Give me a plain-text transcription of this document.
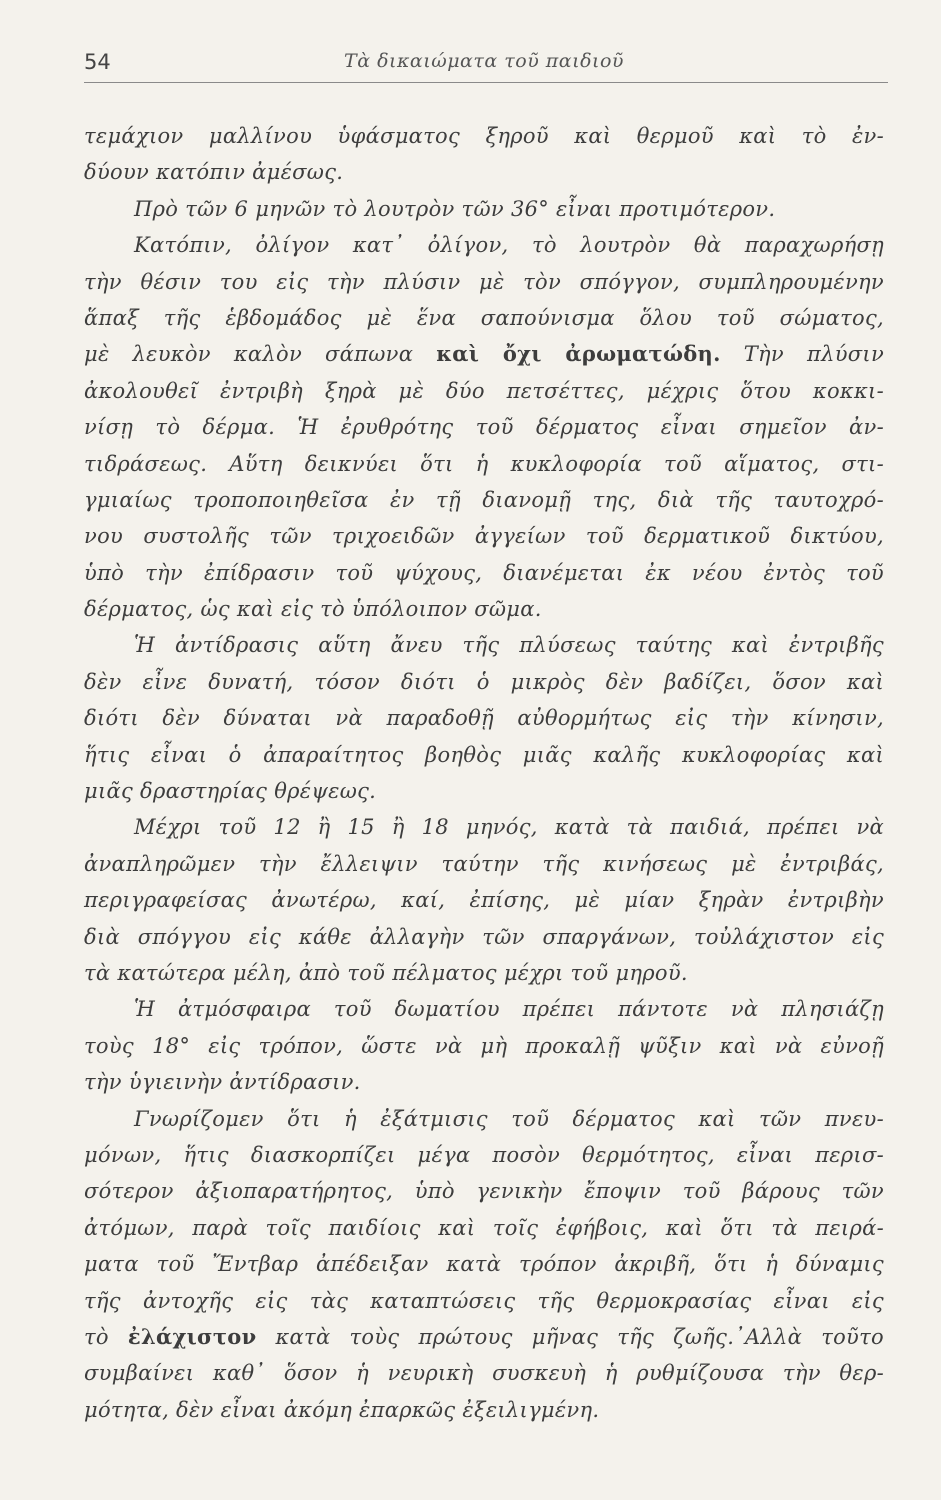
54	Τὰ δικαιώματα τοῦ παιδιοῦ
τεμάχιον μαλλίνου ὑφάσματος ξηροῦ καὶ θερμοῦ καὶ τὸ ἐν-
δύουν κατόπιν ἀμέσως.
Πρὸ τῶν 6 μηνῶν τὸ λουτρὸν τῶν 36° εἶναι προτιμότερον.
Κατόπιν, ὀλίγον κατ᾽ ὀλίγον, τὸ λουτρὸν θὰ παραχωρήσῃ
τὴν θέσιν του εἰς τὴν πλύσιν μὲ τὸν σπόγγον, συμπληρουμένην
ἅπαξ τῆς ἑβδομάδος μὲ ἕνα σαπούνισμα ὅλου τοῦ σώματος,
μὲ λευκὸν καλὸν σάπωνα καὶ ὄχι ἀρωματώδη. Τὴν πλύσιν
ἀκολουθεῖ ἐντριβὴ ξηρὰ μὲ δύο πετσέττες, μέχρις ὅτου κοκκι-
νίσῃ τὸ δέρμα. Ἡ ἐρυθρότης τοῦ δέρματος εἶναι σημεῖον ἀν-
τιδράσεως. Αὕτη δεικνύει ὅτι ἡ κυκλοφορία τοῦ αἵματος, στι-
γμιαίως τροποποιηθεῖσα ἐν τῇ διανομῇ της, διὰ τῆς ταυτοχρό-
νου συστολῆς τῶν τριχοειδῶν ἀγγείων τοῦ δερματικοῦ δικτύου,
ὑπὸ τὴν ἐπίδρασιν τοῦ ψύχους, διανέμεται ἐκ νέου ἐντὸς τοῦ
δέρματος, ὡς καὶ εἰς τὸ ὑπόλοιπον σῶμα.
Ἡ ἀντίδρασις αὕτη ἄνευ τῆς πλύσεως ταύτης καὶ ἐντριβῆς
δὲν εἶνε δυνατή, τόσον διότι ὁ μικρὸς δὲν βαδίζει, ὅσον καὶ
διότι δὲν δύναται νὰ παραδοθῇ αὐθορμήτως εἰς τὴν κίνησιν,
ἥτις εἶναι ὁ ἀπαραίτητος βοηθὸς μιᾶς καλῆς κυκλοφορίας καὶ
μιᾶς δραστηρίας θρέψεως.
Μέχρι τοῦ 12 ἢ 15 ἢ 18 μηνός, κατὰ τὰ παιδιά, πρέπει νὰ
ἀναπληρῶμεν τὴν ἔλλειψιν ταύτην τῆς κινήσεως μὲ ἐντριβάς,
περιγραφείσας ἀνωτέρω, καί, ἐπίσης, μὲ μίαν ξηρὰν ἐντριβὴν
διὰ σπόγγου εἰς κάθε ἀλλαγὴν τῶν σπαργάνων, τοὐλάχιστον εἰς
τὰ κατώτερα μέλη, ἀπὸ τοῦ πέλματος μέχρι τοῦ μηροῦ.
Ἡ ἀτμόσφαιρα τοῦ δωματίου πρέπει πάντοτε νὰ πλησιάζῃ
τοὺς 18° εἰς τρόπον, ὥστε νὰ μὴ προκαλῇ ψῦξιν καὶ νὰ εὐνοῇ
τὴν ὑγιεινὴν ἀντίδρασιν.
Γνωρίζομεν ὅτι ἡ ἐξάτμισις τοῦ δέρματος καὶ τῶν πνευ-
μόνων, ἥτις διασκορπίζει μέγα ποσὸν θερμότητος, εἶναι περισ-
σότερον ἀξιοπαρατήρητος, ὑπὸ γενικὴν ἔποψιν τοῦ βάρους τῶν
ἀτόμων, παρὰ τοῖς παιδίοις καὶ τοῖς ἐφήβοις, καὶ ὅτι τὰ πειρά-
ματα τοῦ Ἔντβαρ ἀπέδειξαν κατὰ τρόπον ἀκριβῆ, ὅτι ἡ δύναμις
τῆς ἀντοχῆς εἰς τὰς καταπτώσεις τῆς θερμοκρασίας εἶναι εἰς
τὸ ἐλάχιστον κατὰ τοὺς πρώτους μῆνας τῆς ζωῆς.᾽Αλλὰ τοῦτο
συμβαίνει καθ᾽ ὅσον ἡ νευρικὴ συσκευὴ ἡ ρυθμίζουσα τὴν θερ-
μότητα, δὲν εἶναι ἀκόμη ἐπαρκῶς ἐξειλιγμένη.
